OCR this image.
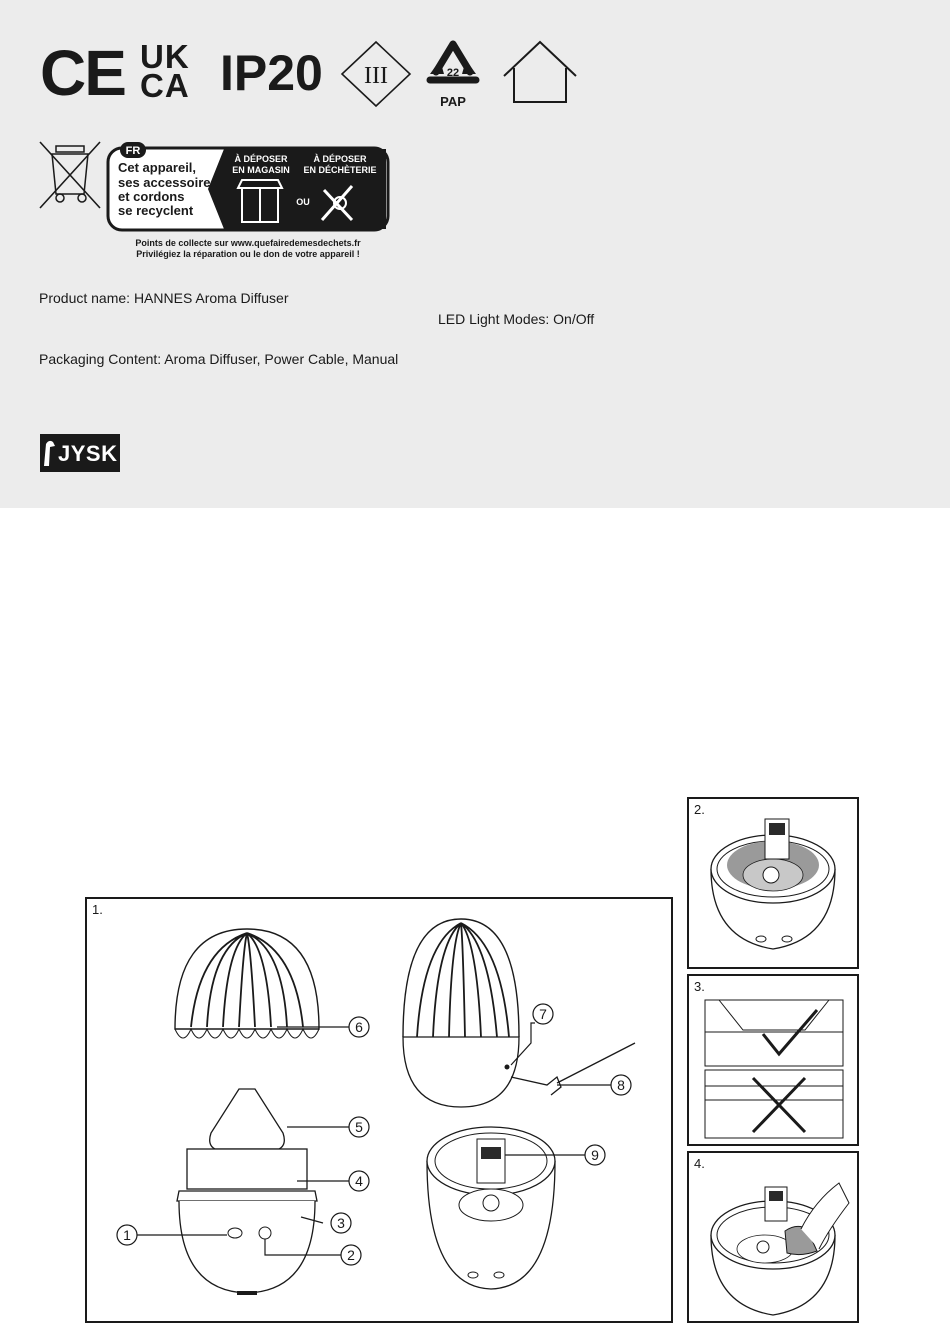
CE UK
CA IP20 III	22
PAP
FR
Cet appareil,
ses accessoires
et cordons
se recyclent
À DÉPOSER
EN MAGASIN
À DÉPOSER
EN DÉCHÈTERIE
OU
Points de collecte sur www.quefairedemesdechets.fr
Privilégiez la réparation ou le don de votre appareil !
Product name: HANNES Aroma Diffuser
LED Light Modes: On/Off
Packaging Content: Aroma Diffuser, Power Cable, Manual
JYSK
2.
3.
4.
1.
6
5
4
3
1
2
7
8
9
